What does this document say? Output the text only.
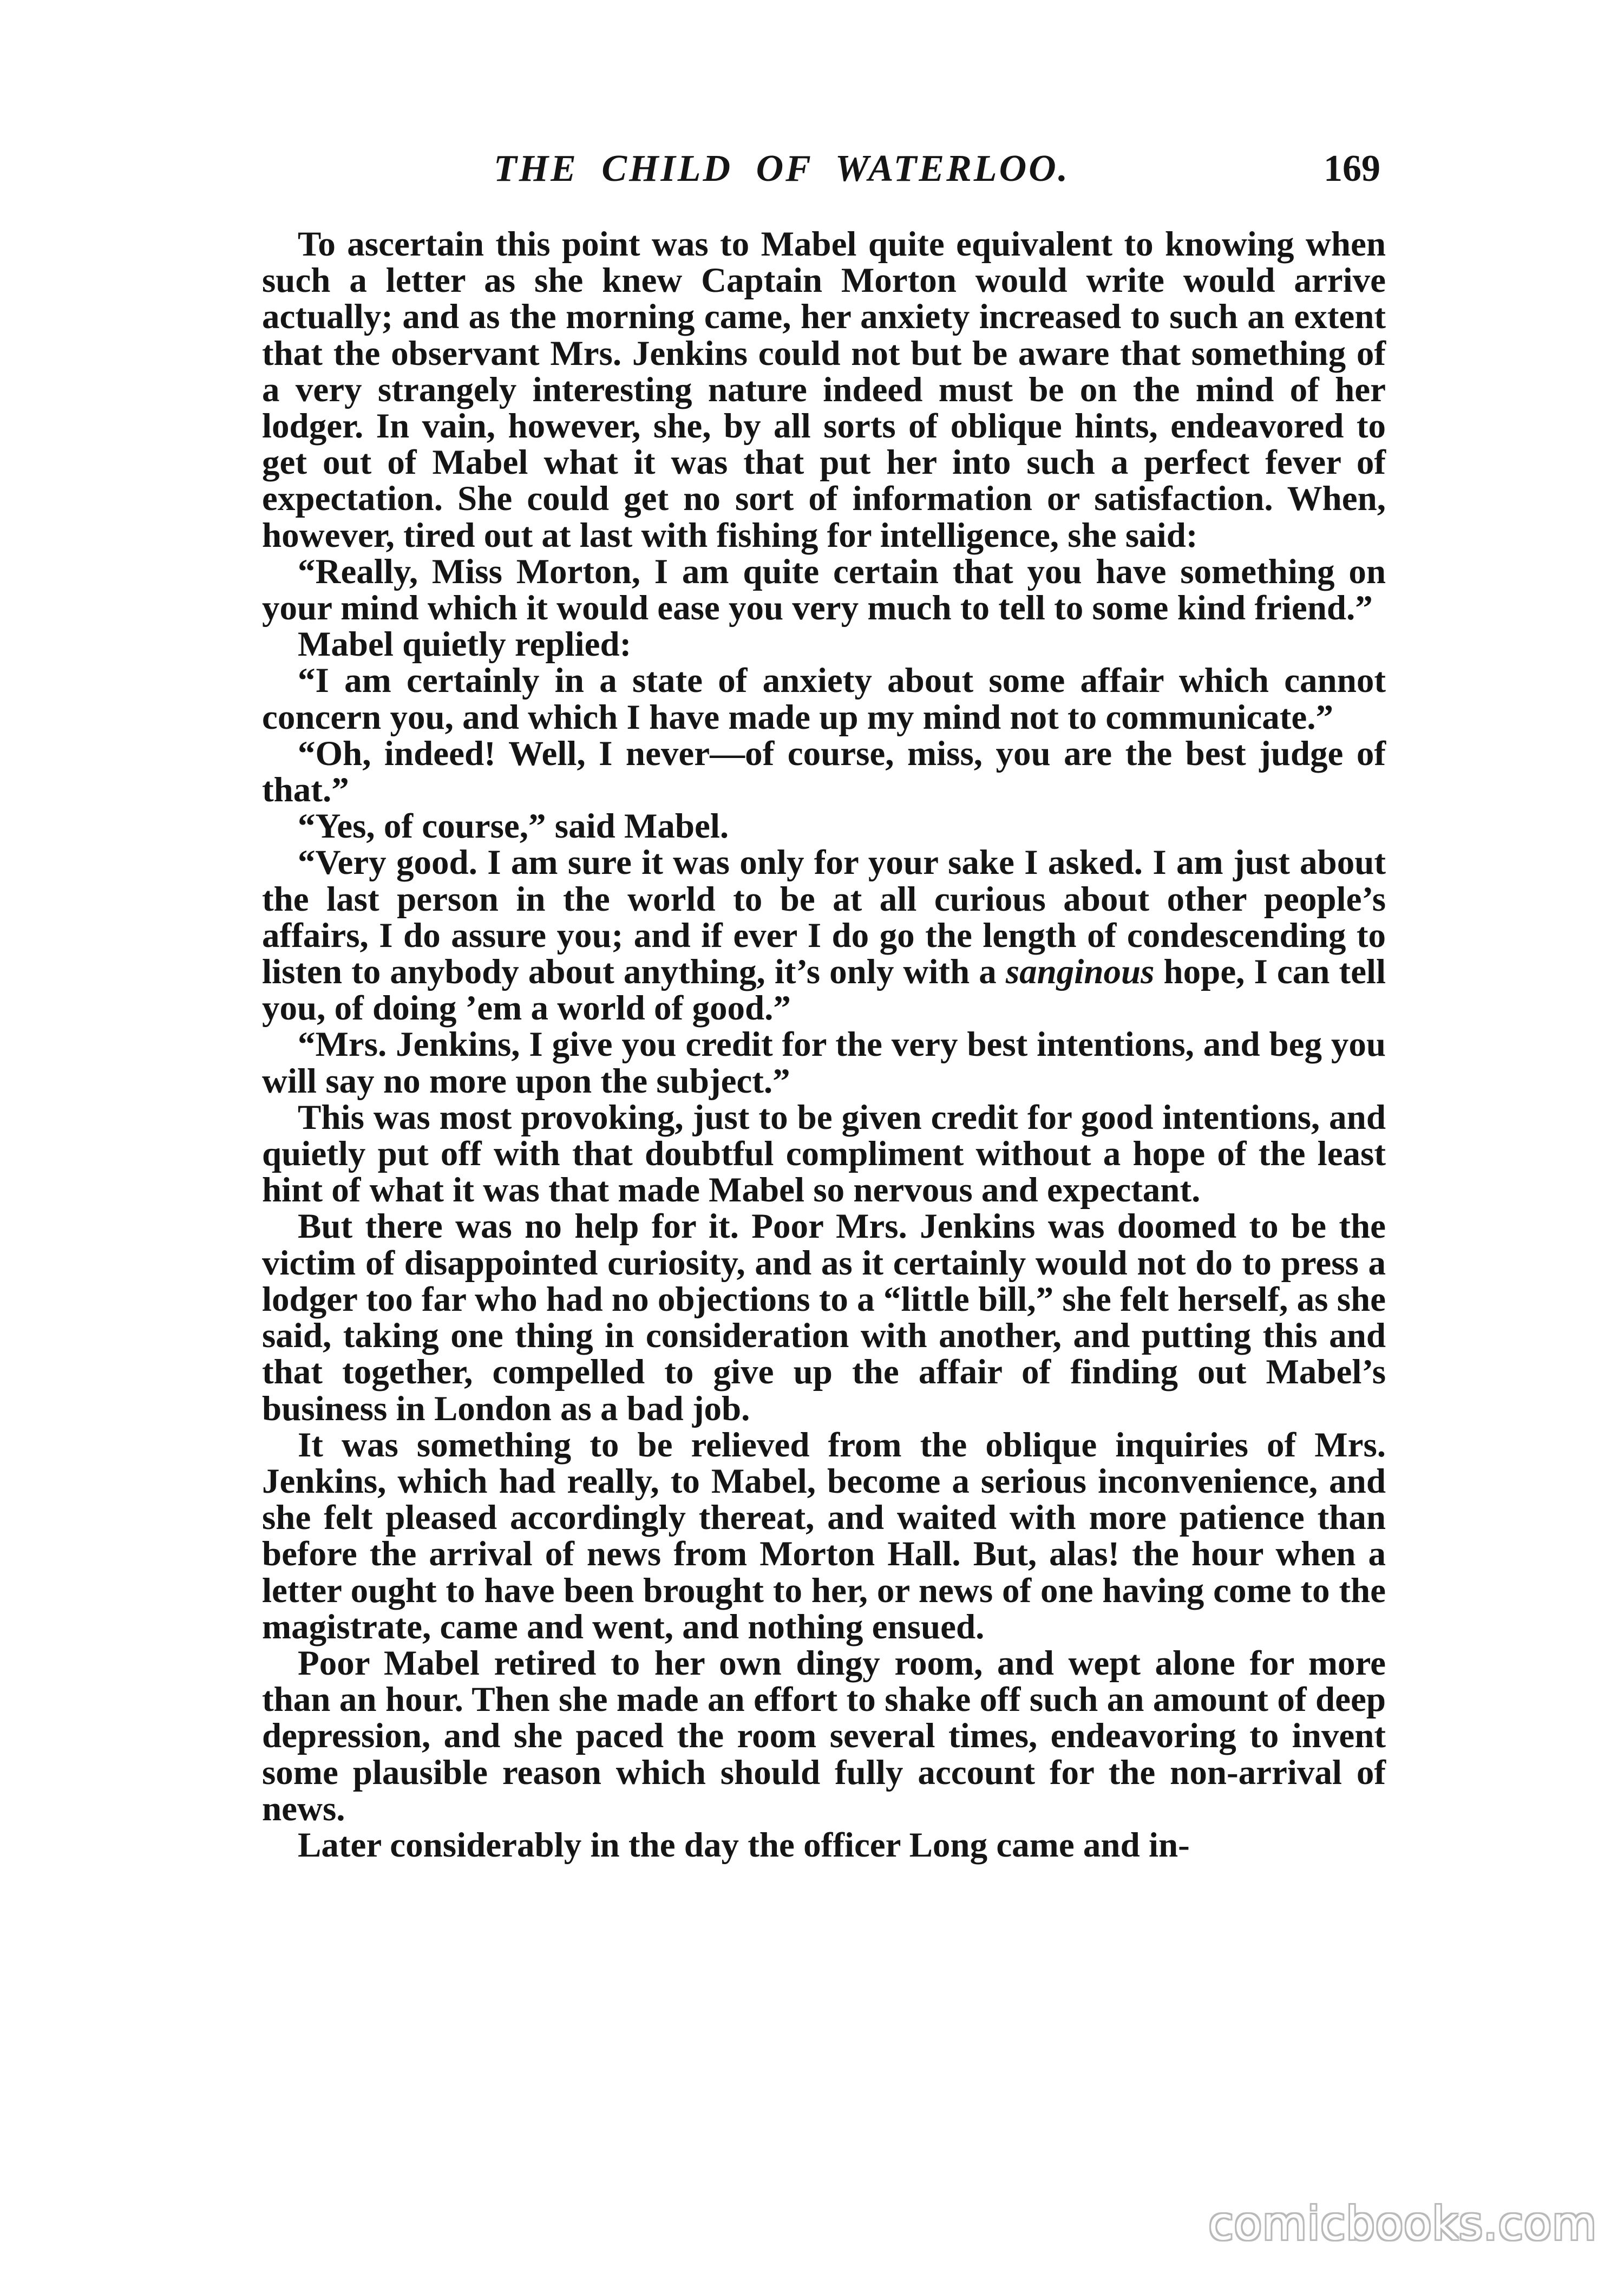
THE CHILD OF WATERLOO.	169

To ascertain this point was to Mabel quite equivalent to knowing when such a letter as she knew Captain Morton would write would arrive actually; and as the morning came, her anxiety increased to such an extent that the observant Mrs. Jenkins could not but be aware that something of a very strangely interesting nature indeed must be on the mind of her lodger. In vain, however, she, by all sorts of oblique hints, endeavored to get out of Mabel what it was that put her into such a perfect fever of expectation. She could get no sort of information or satisfaction. When, however, tired out at last with fishing for intelligence, she said:

“Really, Miss Morton, I am quite certain that you have something on your mind which it would ease you very much to tell to some kind friend.”

Mabel quietly replied:

“I am certainly in a state of anxiety about some affair which cannot concern you, and which I have made up my mind not to communicate.”

“Oh, indeed! Well, I never—of course, miss, you are the best judge of that.”

“Yes, of course,” said Mabel.

“Very good. I am sure it was only for your sake I asked. I am just about the last person in the world to be at all curious about other people’s affairs, I do assure you; and if ever I do go the length of condescending to listen to anybody about anything, it’s only with a sanginous hope, I can tell you, of doing ’em a world of good.”

“Mrs. Jenkins, I give you credit for the very best intentions, and beg you will say no more upon the subject.”

This was most provoking, just to be given credit for good intentions, and quietly put off with that doubtful compliment without a hope of the least hint of what it was that made Mabel so nervous and expectant.

But there was no help for it. Poor Mrs. Jenkins was doomed to be the victim of disappointed curiosity, and as it certainly would not do to press a lodger too far who had no objections to a “little bill,” she felt herself, as she said, taking one thing in consideration with another, and putting this and that together, compelled to give up the affair of finding out Mabel’s business in London as a bad job.

It was something to be relieved from the oblique inquiries of Mrs. Jenkins, which had really, to Mabel, become a serious inconvenience, and she felt pleased accordingly thereat, and waited with more patience than before the arrival of news from Morton Hall. But, alas! the hour when a letter ought to have been brought to her, or news of one having come to the magistrate, came and went, and nothing ensued.

Poor Mabel retired to her own dingy room, and wept alone for more than an hour. Then she made an effort to shake off such an amount of deep depression, and she paced the room several times, endeavoring to invent some plausible reason which should fully account for the non-arrival of news.

Later considerably in the day the officer Long came and in-

comicbooks.com
